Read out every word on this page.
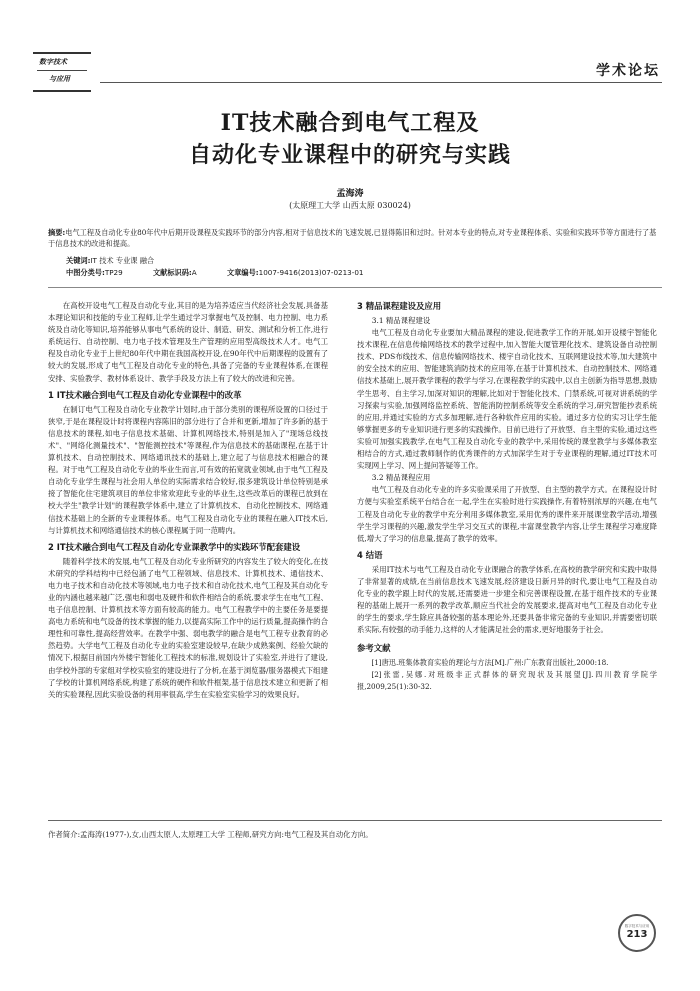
数字技术
与应用	学术论坛
IT技术融合到电气工程及
自动化专业课程中的研究与实践
孟海涛
(太原理工大学 山西太原 030024)
摘要:电气工程及自动化专业80年代中后期开设课程及实践环节的部分内容,相对于信息技术的飞速发展,已显得陈旧和过时。针对本专业的特点,对专业课程体系、实验和实践环节等方面进行了基于信息技术的改进和提高。
关键词:IT 技术 专业课 融合
中图分类号:TP29	文献标识码:A	文章编号:1007-9416(2013)07-0213-01

在高校开设电气工程及自动化专业,其目的是为培养适应当代经济社会发展,具备基本理论知识和技能的专业工程师,让学生通过学习掌握电气及控制、电力控制、电力系统及自动化等知识,培养能够从事电气系统的设计、制造、研发、测试和分析工作,进行系统运行、自动控制、电力电子技术管理及生产管理的应用型高级技术人才。电气工程及自动化专业于上世纪80年代中期在我国高校开设,在90年代中后期课程的设置有了较大的发展,形成了电气工程及自动化专业的特色,具备了完备的专业课程体系,在课程安排、实验教学、教材体系设计、教学手段及方法上有了较大的改进和完善。

1 IT技术融合到电气工程及自动化专业课程中的改革

在制订电气工程及自动化专业教学计划时,由于部分类别的课程所设置的口径过于狭窄,于是在课程设计时将课程内容陈旧的部分进行了合并和更新,增加了许多新的基于信息技术的课程,如电子信息技术基础、计算机网络技术,特别是加入了"现场总线技术"、"网络化测量技术"、"智能测控技术"等课程,作为信息技术的基础课程,在基于计算机技术、自动控制技术、网络通讯技术的基础上,建立起了与信息技术相融合的课程。对于电气工程及自动化专业的毕业生而言,可有效的拓宽就业领域,由于电气工程及自动化专业学生课程与社会用人单位的实际需求结合较好,很多建筑设计单位特别是承接了智能化住宅建筑项目的单位非常欢迎此专业的毕业生,这些改革后的课程已放到在校大学生"教学计划"的课程教学体系中,建立了计算机技术、自动化控制技术、网络通信技术基础上的全新的专业课程体系。电气工程及自动化专业的课程在融入IT技术后,与计算机技术和网络通信技术的核心课程属于同一范畴内。

2 IT技术融合到电气工程及自动化专业课教学中的实践环节配套建设

随着科学技术的发展,电气工程及自动化专业所研究的内容发生了较大的变化,在技术研究的学科结构中已经包涵了电气工程领域、信息技术、计算机技术、通信技术、电力电子技术和自动化技术等领域,电力电子技术和自动化技术,电气工程及其自动化专业的内涵也越来越广泛,强电和弱电及硬件和软件相结合的系统,要求学生在电气工程、电子信息控制、计算机技术等方面有较高的能力。电气工程教学中的主要任务是要提高电力系统和电气设备的技术掌握的能力,以提高实际工作中的运行质量,提高操作的合理性和可靠性,提高经营效率。在教学中强、弱电教学的融合是电气工程专业教育的必然趋势。大学电气工程及自动化专业的实验室建设较早,在缺少成熟案例、经验欠缺的情况下,根据目前国内外楼宇智能化工程技术的标准,规划设计了实验室,并进行了建设,由学校外部的专家组对学校实验室的建设进行了分析,在基于浏览器/服务器模式下组建了学校的计算机网络系统,构建了系统的硬件和软件框架,基于信息技术建立和更新了相关的实验课程,因此实验设备的利用率很高,学生在实验室实验学习的效果良好。

3 精品课程建设及应用
3.1 精品课程建设

电气工程及自动化专业要加大精品课程的建设,促进教学工作的开展,如开设楼宇智能化技术课程,在信息传输网络技术的教学过程中,加入智能大厦管理化技术、建筑设备自动控制技术、PDS布线技术、信息传输网络技术、楼宇自动化技术、互联网建设技术等,加大建筑中的安全技术的应用、智能建筑消防技术的应用等,在基于计算机技术、自动控制技术、网络通信技术基础上,展开教学课程的教学与学习,在课程教学的实践中,以自主创新为指导思想,鼓励学生思考、自主学习,加深对知识的理解,比如对于智能化技术、门禁系统,可视对讲系统的学习探索与实验,加强网络监控系统、智能消防控制系统等安全系统的学习,研究智能抄表系统的应用,并通过实验的方式多加理解,进行各种软件应用的实验。通过多方位的实习让学生能够掌握更多的专业知识进行更多的实践操作。目前已进行了开放型、自主型的实验,通过这些实验可加强实践教学,在电气工程及自动化专业的教学中,采用传统的课堂教学与多媒体教室相结合的方式,通过教师制作的优秀课件的方式加深学生对于专业课程的理解,通过IT技术可实现网上学习、网上提问答疑等工作。

3.2 精品课程应用

电气工程及自动化专业的许多实验课采用了开放型、自主型的教学方式。在课程设计时方便与实验室系统平台结合在一起,学生在实验时进行实践操作,有着特别浓厚的兴趣,在电气工程及自动化专业的教学中充分利用多媒体教室,采用优秀的课件来开展课堂教学活动,增强学生学习课程的兴趣,激发学生学习交互式的课程,丰富课堂教学内容,让学生课程学习难度降低,增大了学习的信息量,提高了教学的效率。

4 结语

采用IT技术与电气工程及自动化专业课融合的教学体系,在高校的教学研究和实践中取得了非常显著的成绩,在当前信息技术飞速发展,经济建设日新月异的时代,要让电气工程及自动化专业的教学跟上时代的发展,还需要进一步建全和完善课程设置,在基于组件技术的专业课程的基础上展开一系列的教学改革,顺应当代社会的发展要求,提高对电气工程及自动化专业的学生的要求,学生除应具备较强的基本理论外,还要具备非常完备的专业知识,并需要密切联系实际,有较强的动手能力,这样的人才能满足社会的需求,更好地服务于社会。

参考文献

[1]唐迅.班集体教育实验的理论与方法[M].广州:广东教育出版社,2000:18.

[2]张雷,吴娜.对班级非正式群体的研究现状及其展望[J].四川教育学院学报,2009,25(1):30-32.

作者简介:孟海涛(1977-),女,山西太原人,太原理工大学 工程师,研究方向:电气工程及其自动化方向。
数字技术与应用
213
